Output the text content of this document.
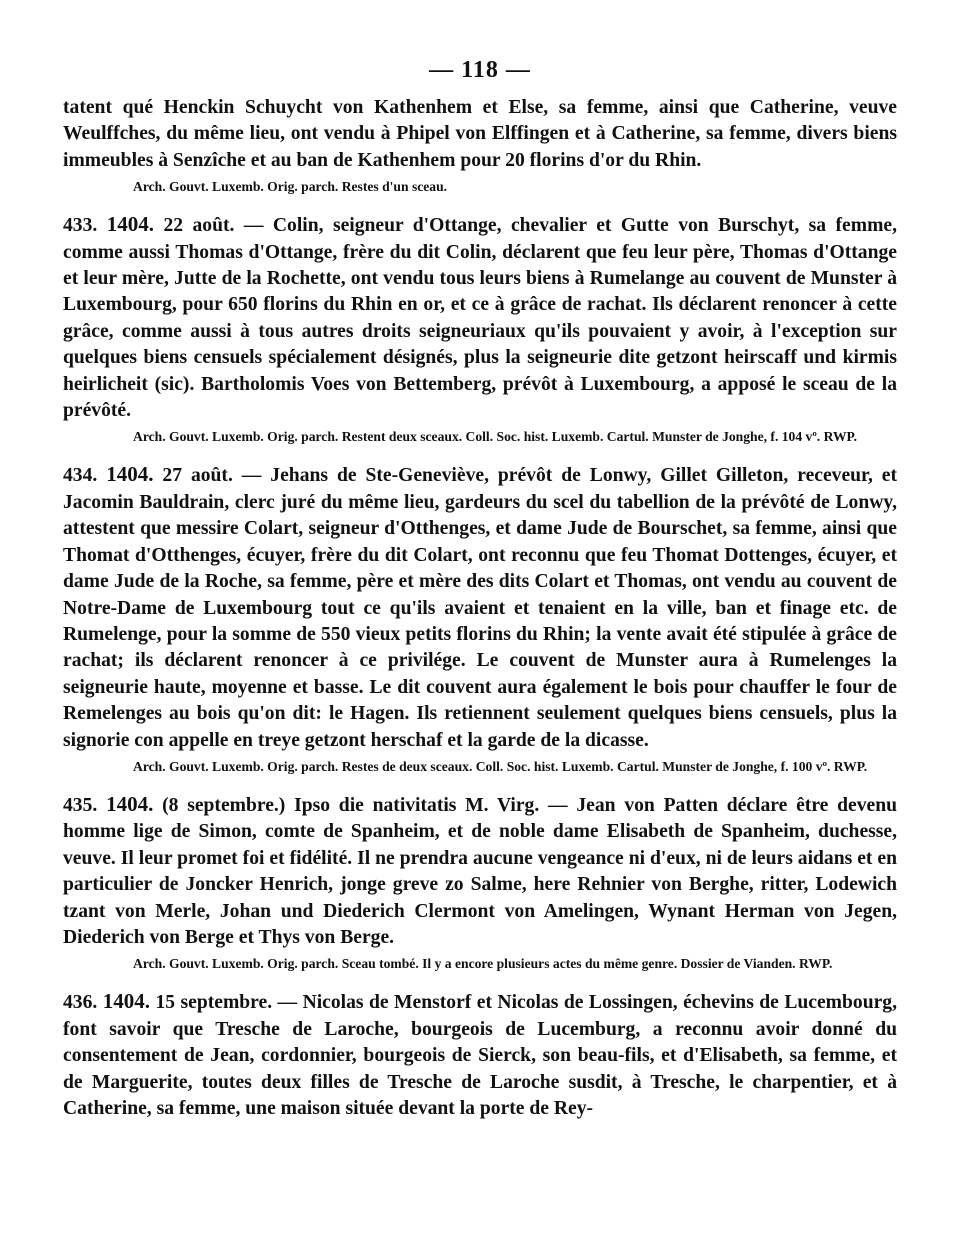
— 118 —

tatent qué Henckin Schuycht von Kathenhem et Else, sa femme, ainsi que Catherine, veuve Weulffches, du même lieu, ont vendu à Phipel von Elffingen et à Catherine, sa femme, divers biens immeubles à Senzîche et au ban de Kathenhem pour 20 florins d'or du Rhin.

Arch. Gouvt. Luxemb. Orig. parch. Restes d'un sceau.

433. 1404. 22 août. — Colin, seigneur d'Ottange, chevalier et Gutte von Burschyt, sa femme, comme aussi Thomas d'Ottange, frère du dit Colin, déclarent que feu leur père, Thomas d'Ottange et leur mère, Jutte de la Rochette, ont vendu tous leurs biens à Rumelange au couvent de Munster à Luxembourg, pour 650 florins du Rhin en or, et ce à grâce de rachat. Ils déclarent renoncer à cette grâce, comme aussi à tous autres droits seigneuriaux qu'ils pouvaient y avoir, à l'exception sur quelques biens censuels spécialement désignés, plus la seigneurie dite getzont heirscaff und kirmis heirlicheit (sic). Bartholomis Voes von Bettemberg, prévôt à Luxembourg, a apposé le sceau de la prévôté.

Arch. Gouvt. Luxemb. Orig. parch. Restent deux sceaux. Coll. Soc. hist. Luxemb. Cartul. Munster de Jonghe, f. 104 vº. RWP.

434. 1404. 27 août. — Jehans de Ste-Geneviève, prévôt de Lonwy, Gillet Gilleton, receveur, et Jacomin Bauldrain, clerc juré du même lieu, gardeurs du scel du tabellion de la prévôté de Lonwy, attestent que messire Colart, seigneur d'Otthenges, et dame Jude de Bourschet, sa femme, ainsi que Thomat d'Otthenges, écuyer, frère du dit Colart, ont reconnu que feu Thomat Dottenges, écuyer, et dame Jude de la Roche, sa femme, père et mère des dits Colart et Thomas, ont vendu au couvent de Notre-Dame de Luxembourg tout ce qu'ils avaient et tenaient en la ville, ban et finage etc. de Rumelenge, pour la somme de 550 vieux petits florins du Rhin; la vente avait été stipulée à grâce de rachat; ils déclarent renoncer à ce privilége. Le couvent de Munster aura à Rumelenges la seigneurie haute, moyenne et basse. Le dit couvent aura également le bois pour chauffer le four de Remelenges au bois qu'on dit: le Hagen. Ils retiennent seulement quelques biens censuels, plus la signorie con appelle en treye getzont herschaf et la garde de la dicasse.

Arch. Gouvt. Luxemb. Orig. parch. Restes de deux sceaux. Coll. Soc. hist. Luxemb. Cartul. Munster de Jonghe, f. 100 vº. RWP.

435. 1404. (8 septembre.) Ipso die nativitatis M. Virg. — Jean von Patten déclare être devenu homme lige de Simon, comte de Spanheim, et de noble dame Elisabeth de Spanheim, duchesse, veuve. Il leur promet foi et fidélité. Il ne prendra aucune vengeance ni d'eux, ni de leurs aidans et en particulier de Joncker Henrich, jonge greve zo Salme, here Rehnier von Berghe, ritter, Lodewich tzant von Merle, Johan und Diederich Clermont von Amelingen, Wynant Herman von Jegen, Diederich von Berge et Thys von Berge.

Arch. Gouvt. Luxemb. Orig. parch. Sceau tombé. Il y a encore plusieurs actes du même genre. Dossier de Vianden. RWP.

436. 1404. 15 septembre. — Nicolas de Menstorf et Nicolas de Lossingen, échevins de Lucembourg, font savoir que Tresche de Laroche, bourgeois de Lucemburg, a reconnu avoir donné du consentement de Jean, cordonnier, bourgeois de Sierck, son beau-fils, et d'Elisabeth, sa femme, et de Marguerite, toutes deux filles de Tresche de Laroche susdit, à Tresche, le charpentier, et à Catherine, sa femme, une maison située devant la porte de Rey-
